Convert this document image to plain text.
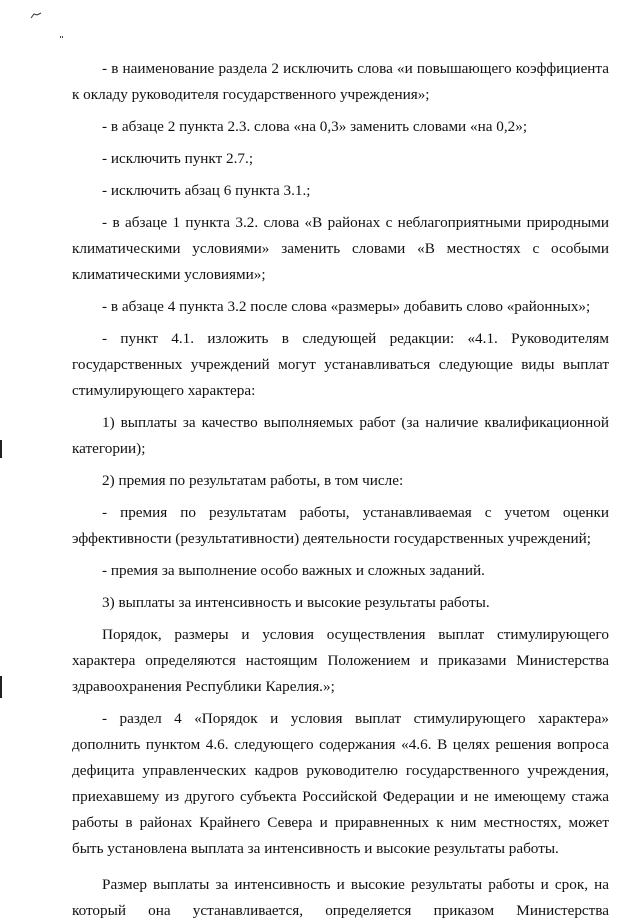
- в наименование раздела 2 исключить слова «и повышающего коэффициента к окладу руководителя государственного учреждения»;

- в абзаце 2 пункта 2.3. слова «на 0,3» заменить словами «на 0,2»;

- исключить пункт 2.7.;

- исключить абзац 6 пункта 3.1.;

- в абзаце 1 пункта 3.2. слова «В районах с неблагоприятными природными климатическими условиями» заменить словами «В местностях с особыми климатическими условиями»;

- в абзаце 4 пункта 3.2 после слова «размеры» добавить слово «районных»;

- пункт 4.1. изложить в следующей редакции: «4.1. Руководителям государственных учреждений могут устанавливаться следующие виды выплат стимулирующего характера:

1) выплаты за качество выполняемых работ (за наличие квалификационной категории);

2) премия по результатам работы, в том числе:

- премия по результатам работы, устанавливаемая с учетом оценки эффективности (результативности) деятельности государственных учреждений;

- премия за выполнение особо важных и сложных заданий.

3) выплаты за интенсивность и высокие результаты работы.

Порядок, размеры и условия осуществления выплат стимулирующего характера определяются настоящим Положением и приказами Министерства здравоохранения Республики Карелия.»;

- раздел 4 «Порядок и условия выплат стимулирующего характера» дополнить пунктом 4.6. следующего содержания «4.6. В целях решения вопроса дефицита управленческих кадров руководителю государственного учреждения, приехавшему из другого субъекта Российской Федерации и не имеющему стажа работы в районах Крайнего Севера и приравненных к ним местностях, может быть установлена выплата за интенсивность и высокие результаты работы.

Размер выплаты за интенсивность и высокие результаты работы и срок, на который она устанавливается, определяется приказом Министерства
